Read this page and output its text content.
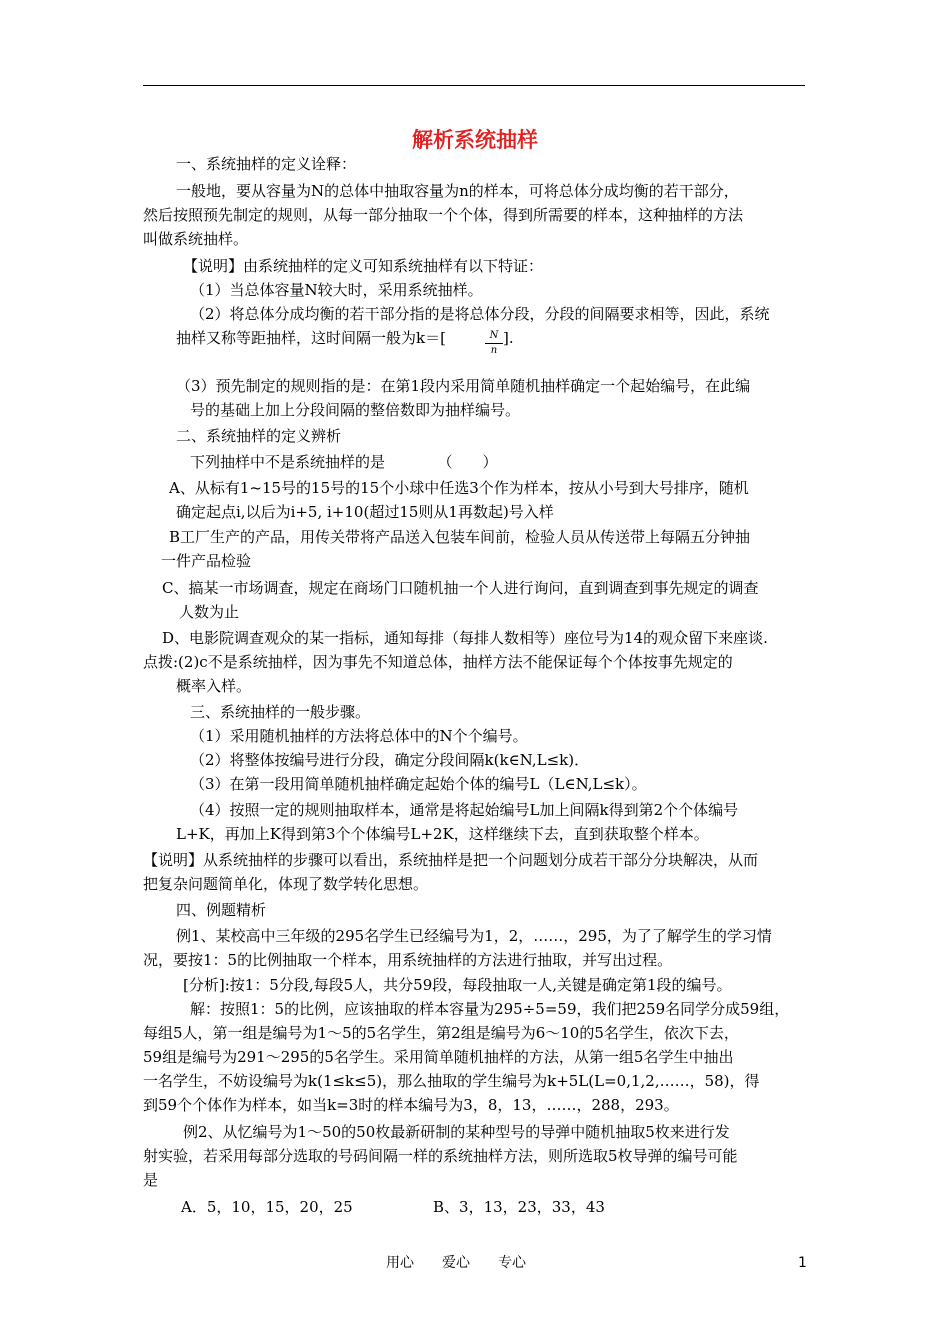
解析系统抽样
一、系统抽样的定义诠释：
一般地，要从容量为N的总体中抽取容量为n的样本，可将总体分成均衡的若干部分，
然后按照预先制定的规则，从每一部分抽取一个个体，得到所需要的样本，这种抽样的方法
叫做系统抽样。
【说明】由系统抽样的定义可知系统抽样有以下特证：
（1）当总体容量N较大时，采用系统抽样。
（2）将总体分成均衡的若干部分指的是将总体分段，分段的间隔要求相等，因此，系统
抽样又称等距抽样，这时间隔一般为k＝[	N
n
].
（3）预先制定的规则指的是：在第1段内采用简单随机抽样确定一个起始编号，在此编
号的基础上加上分段间隔的整倍数即为抽样编号。
二、系统抽样的定义辨析
下列抽样中不是系统抽样的是　　　　（　　）
A、从标有1~15号的15号的15个小球中任选3个作为样本，按从小号到大号排序，随机
确定起点i,以后为i+5, i+10(超过15则从1再数起)号入样
B工厂生产的产品，用传关带将产品送入包装车间前，检验人员从传送带上每隔五分钟抽
一件产品检验
C、搞某一市场调查，规定在商场门口随机抽一个人进行询问，直到调查到事先规定的调查
人数为止
D、电影院调查观众的某一指标，通知每排（每排人数相等）座位号为14的观众留下来座谈.
点拨:(2)c不是系统抽样，因为事先不知道总体，抽样方法不能保证每个个体按事先规定的
概率入样。
三、系统抽样的一般步骤。
（1）采用随机抽样的方法将总体中的N个个编号。
（2）将整体按编号进行分段，确定分段间隔k(k∈N,L≤k)．
（3）在第一段用简单随机抽样确定起始个体的编号L（L∈N,L≤k）。
（4）按照一定的规则抽取样本，通常是将起始编号L加上间隔k得到第2个个体编号
L+K，再加上K得到第3个个体编号L+2K，这样继续下去，直到获取整个样本。
【说明】从系统抽样的步骤可以看出，系统抽样是把一个问题划分成若干部分分块解决，从而
把复杂问题简单化，体现了数学转化思想。
四、例题精析
例1、某校高中三年级的295名学生已经编号为1，2，……，295，为了了解学生的学习情
况，要按1：5的比例抽取一个样本，用系统抽样的方法进行抽取，并写出过程。
[分析]:按1：5分段,每段5人，共分59段，每段抽取一人,关键是确定第1段的编号。
解：按照1：5的比例，应该抽取的样本容量为295÷5=59，我们把259名同学分成59组，
每组5人，第一组是编号为1～5的5名学生，第2组是编号为6～10的5名学生，依次下去，
59组是编号为291～295的5名学生。采用简单随机抽样的方法，从第一组5名学生中抽出
一名学生，不妨设编号为k(1≤k≤5)，那么抽取的学生编号为k+5L(L=0,1,2,……，58)，得
到59个个体作为样本，如当k=3时的样本编号为3，8，13，……，288，293。
例2、从忆编号为1～50的50枚最新研制的某种型号的导弹中随机抽取5枚来进行发
射实验，若采用每部分选取的号码间隔一样的系统抽样方法，则所选取5枚导弹的编号可能
是
A．5，10，15，20，25	B、3，13，23，33，43
用心　　爱心　　专心	1
